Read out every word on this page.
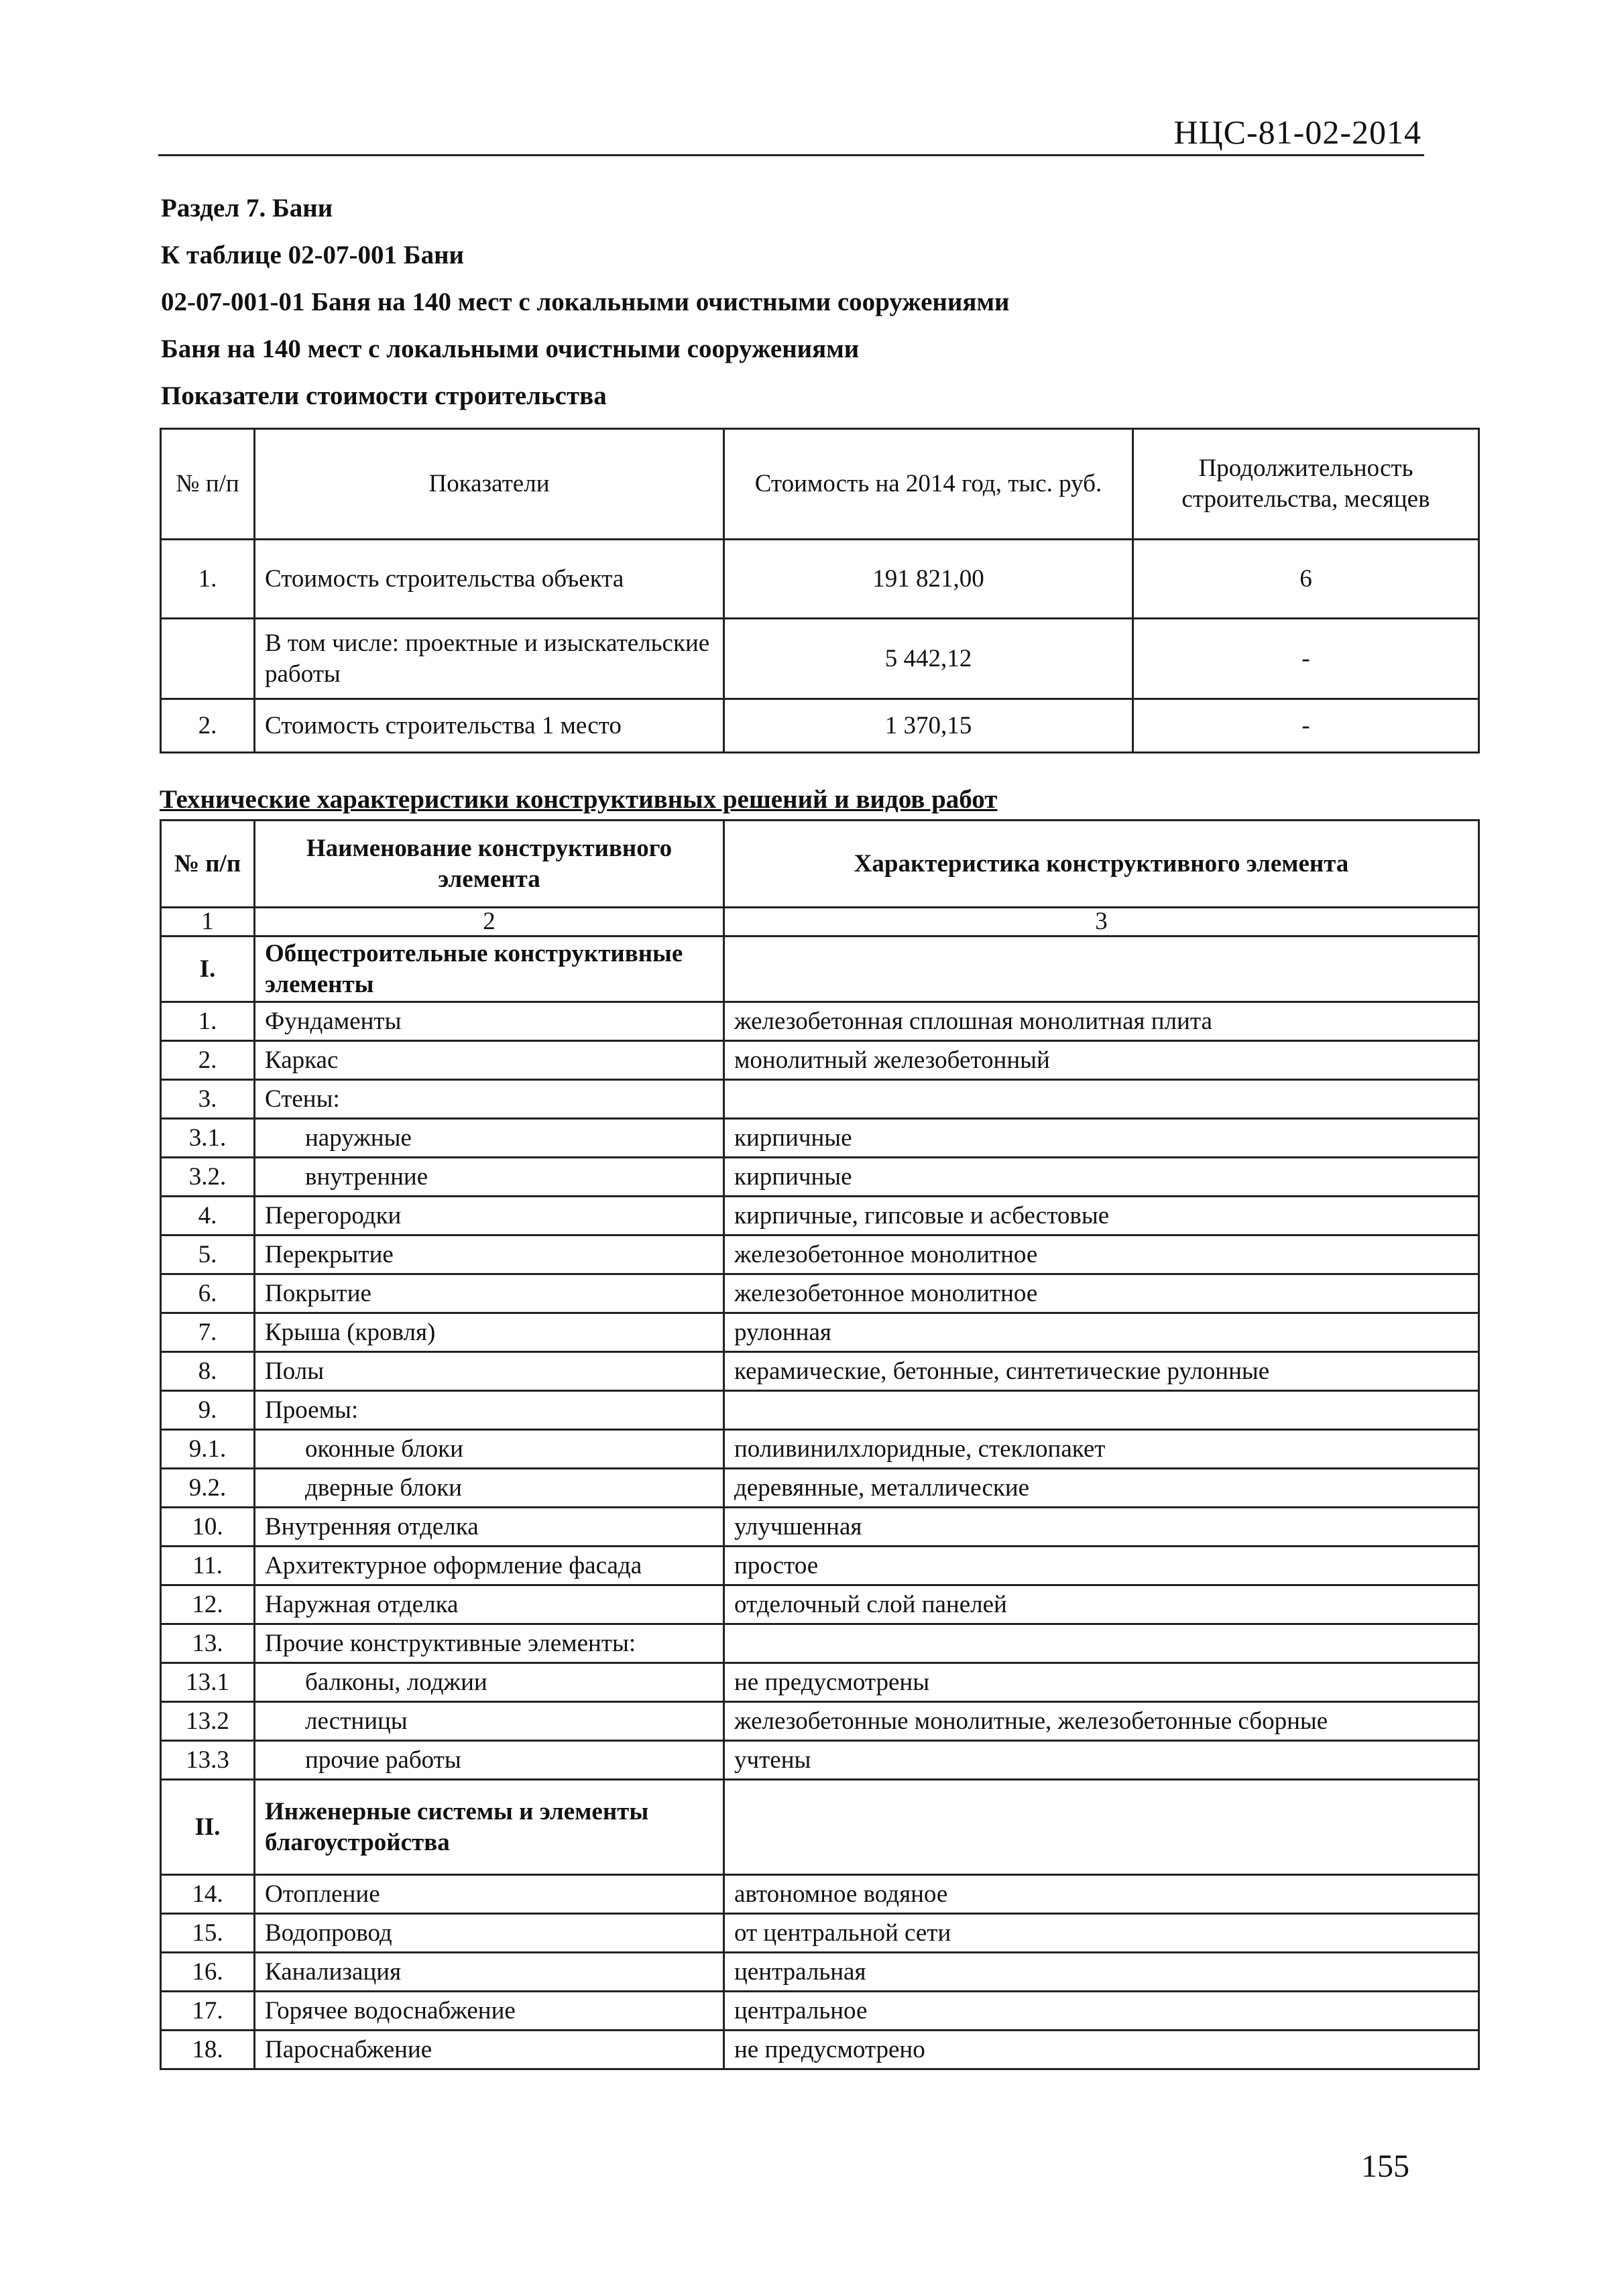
НЦС-81-02-2014
Раздел 7. Бани
К таблице 02-07-001 Бани
02-07-001-01 Баня на 140 мест с локальными очистными сооружениями
Баня на 140 мест с локальными очистными сооружениями
Показатели стоимости строительства
№ п/п	Показатели	Стоимость на 2014 год, тыс. руб.	Продолжительность строительства, месяцев
1.	Стоимость строительства объекта	191 821,00	6
	В том числе: проектные и изыскательские работы	5 442,12	-
2.	Стоимость строительства 1 место	1 370,15	-
Технические характеристики конструктивных решений и видов работ
№ п/п	Наименование конструктивного элемента	Характеристика конструктивного элемента
1	2	3
I.	Общестроительные конструктивные элементы	
1.	Фундаменты	железобетонная сплошная монолитная плита
2.	Каркас	монолитный железобетонный
3.	Стены:	
3.1.	наружные	кирпичные
3.2.	внутренние	кирпичные
4.	Перегородки	кирпичные, гипсовые и асбестовые
5.	Перекрытие	железобетонное монолитное
6.	Покрытие	железобетонное монолитное
7.	Крыша (кровля)	рулонная
8.	Полы	керамические, бетонные, синтетические рулонные
9.	Проемы:	
9.1.	оконные блоки	поливинилхлоридные, стеклопакет
9.2.	дверные блоки	деревянные, металлические
10.	Внутренняя отделка	улучшенная
11.	Архитектурное оформление фасада	простое
12.	Наружная отделка	отделочный слой панелей
13.	Прочие конструктивные элементы:	
13.1	балконы, лоджии	не предусмотрены
13.2	лестницы	железобетонные монолитные, железобетонные сборные
13.3	прочие работы	учтены
II.	Инженерные системы и элементы благоустройства	
14.	Отопление	автономное водяное
15.	Водопровод	от центральной сети
16.	Канализация	центральная
17.	Горячее водоснабжение	центральное
18.	Пароснабжение	не предусмотрено
155
